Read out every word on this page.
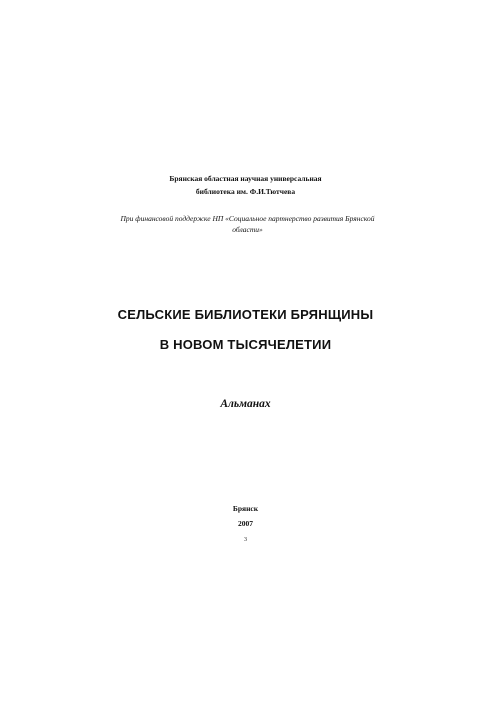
Брянская областная научная универсальная
библиотека им. Ф.И.Тютчева
При финансовой поддержке НП «Социальное партнерство развития Брянской
области»
СЕЛЬСКИЕ БИБЛИОТЕКИ БРЯНЩИНЫ
В НОВОМ ТЫСЯЧЕЛЕТИИ
Альманах
Брянск
2007
3
